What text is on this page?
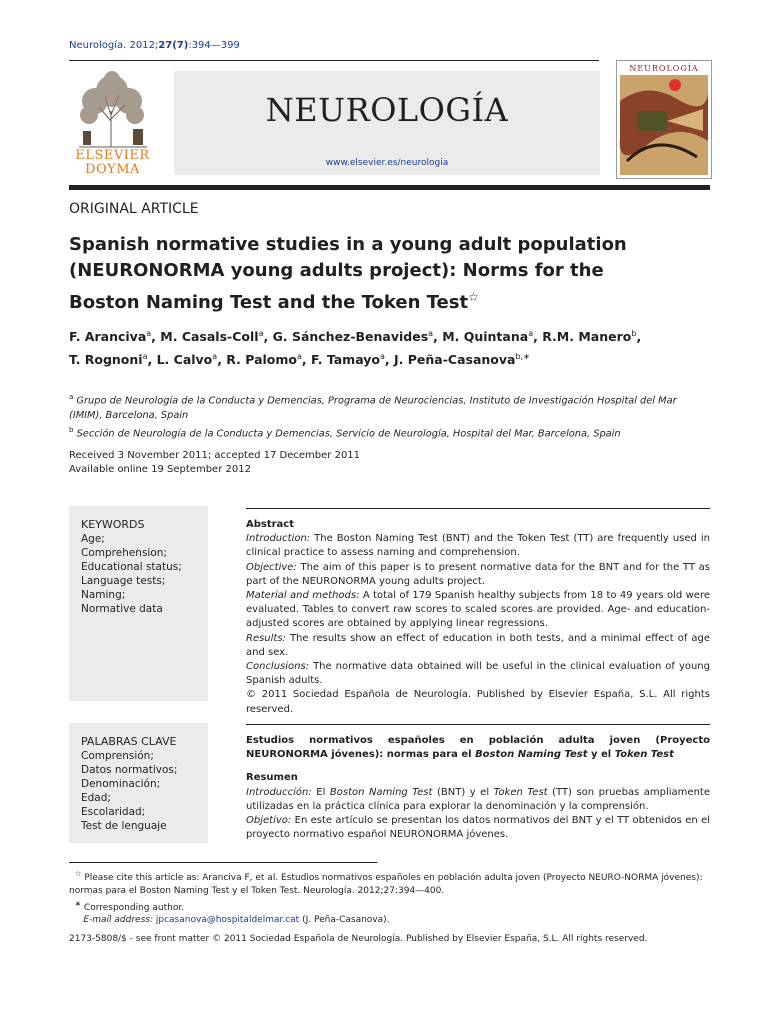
Neurología. 2012;27(7):394—399
ELSEVIER
DOYMA
NEUROLOGÍA
www.elsevier.es/neurologia
NEUROLOGÍA
ORIGINAL ARTICLE
Spanish normative studies in a young adult population (NEURONORMA young adults project): Norms for the Boston Naming Test and the Token Test☆
F. Aranciva$^a$, M. Casals-Coll$^a$, G. Sánchez-Benavides$^a$, M. Quintana$^a$, R.M. Manero$^b$,
T. Rognoni$^a$, L. Calvo$^a$, R. Palomo$^a$, F. Tamayo$^a$, J. Peña-Casanova$^{b,∗}$
$^a$ Grupo de Neurología de la Conducta y Demencias, Programa de Neurociencias, Instituto de Investigación Hospital del Mar (IMIM), Barcelona, Spain
$^b$ Sección de Neurología de la Conducta y Demencias, Servicio de Neurología, Hospital del Mar, Barcelona, Spain
Received 3 November 2011; accepted 17 December 2011
Available online 19 September 2012
KEYWORDS
Age;
Comprehension;
Educational status;
Language tests;
Naming;
Normative data
Abstract
Introduction: The Boston Naming Test (BNT) and the Token Test (TT) are frequently used in clinical practice to assess naming and comprehension.
Objective: The aim of this paper is to present normative data for the BNT and for the TT as part of the NEURONORMA young adults project.
Material and methods: A total of 179 Spanish healthy subjects from 18 to 49 years old were evaluated. Tables to convert raw scores to scaled scores are provided. Age- and education-adjusted scores are obtained by applying linear regressions.
Results: The results show an effect of education in both tests, and a minimal effect of age and sex.
Conclusions: The normative data obtained will be useful in the clinical evaluation of young Spanish adults.
© 2011 Sociedad Española de Neurología. Published by Elsevier España, S.L. All rights reserved.
PALABRAS CLAVE
Comprensión;
Datos normativos;
Denominación;
Edad;
Escolaridad;
Test de lenguaje
Estudios normativos españoles en población adulta joven (Proyecto NEURONORMA jóvenes): normas para el Boston Naming Test y el Token Test
Resumen
Introducción: El Boston Naming Test (BNT) y el Token Test (TT) son pruebas ampliamente utilizadas en la práctica clínica para explorar la denominación y la comprensión.
Objetivo: En este artículo se presentan los datos normativos del BNT y el TT obtenidos en el proyecto normativo español NEURONORMA jóvenes.
☆ Please cite this article as: Aranciva F, et al. Estudios normativos españoles en población adulta joven (Proyecto NEURO-NORMA jóvenes): normas para el Boston Naming Test y el Token Test. Neurología. 2012;27:394—400.
∗ Corresponding author.
E-mail address: jpcasanova@hospitaldelmar.cat (J. Peña-Casanova).
2173-5808/$ - see front matter © 2011 Sociedad Española de Neurología. Published by Elsevier España, S.L. All rights reserved.
